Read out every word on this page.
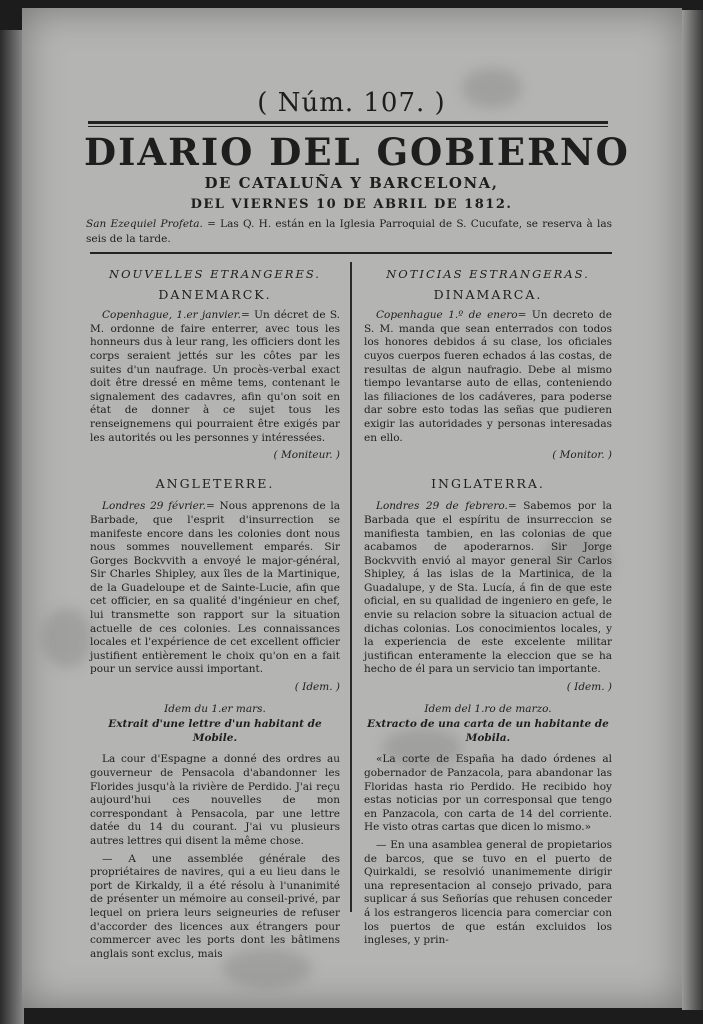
( Núm. 107. )
DIARIO DEL GOBIERNO
DE CATALUÑA Y BARCELONA,
DEL VIERNES 10 DE ABRIL DE 1812.
San Ezequiel Profeta. = Las Q. H. están en la Iglesia Parroquial de S. Cucufate, se reserva à las seis de la tarde.
NOUVELLES ETRANGERES.
DANEMARCK.

Copenhague, 1.er janvier.= Un décret de S. M. ordonne de faire enterrer, avec tous les honneurs dus à leur rang, les officiers dont les corps seraient jettés sur les côtes par les suites d'un naufrage. Un procès-verbal exact doit être dressé en même tems, contenant le signalement des cadavres, afin qu'on soit en état de donner à ce sujet tous les renseignemens qui pourraient être exigés par les autorités ou les personnes y intéressées.

( Moniteur. )
ANGLETERRE.

Londres 29 février.= Nous apprenons de la Barbade, que l'esprit d'insurrection se manifeste encore dans les colonies dont nous nous sommes nouvellement emparés. Sir Gorges Bockvvith a envoyé le major-général, Sir Charles Shipley, aux îles de la Martinique, de la Guadeloupe et de Sainte-Lucie, afin que cet officier, en sa qualité d'ingénieur en chef, lui transmette son rapport sur la situation actuelle de ces colonies. Les connaissances locales et l'expérience de cet excellent officier justifient entièrement le choix qu'on en a fait pour un service aussi important.

( Idem. )
Idem du 1.er mars.
Extrait d'une lettre d'un habitant de Mobile.

La cour d'Espagne a donné des ordres au gouverneur de Pensacola d'abandonner les Florides jusqu'à la rivière de Perdido. J'ai reçu aujourd'hui ces nouvelles de mon correspondant à Pensacola, par une lettre datée du 14 du courant. J'ai vu plusieurs autres lettres qui disent la même chose.

— A une assemblée générale des propriétaires de navires, qui a eu lieu dans le port de Kirkaldy, il a été résolu à l'unanimité de présenter un mémoire au conseil-privé, par lequel on priera leurs seigneuries de refuser d'accorder des licences aux étrangers pour commercer avec les ports dont les bâtimens anglais sont exclus, mais

NOTICIAS ESTRANGERAS.
DINAMARCA.

Copenhague 1.º de enero= Un decreto de S. M. manda que sean enterrados con todos los honores debidos á su clase, los oficiales cuyos cuerpos fueren echados á las costas, de resultas de algun naufragio. Debe al mismo tiempo levantarse auto de ellas, conteniendo las filiaciones de los cadáveres, para poderse dar sobre esto todas las señas que pudieren exigir las autoridades y personas interesadas en ello.

( Monitor. )
INGLATERRA.

Londres 29 de febrero.= Sabemos por la Barbada que el espíritu de insurreccion se manifiesta tambien, en las colonias de que acabamos de apoderarnos. Sir Jorge Bockvvith envió al mayor general Sir Carlos Shipley, á las islas de la Martinica, de la Guadalupe, y de Sta. Lucía, á fin de que este oficial, en su qualidad de ingeniero en gefe, le envie su relacion sobre la situacion actual de dichas colonias. Los conocimientos locales, y la experiencia de este excelente militar justifican enteramente la eleccion que se ha hecho de él para un servicio tan importante.

( Idem. )
Idem del 1.ro de marzo.
Extracto de una carta de un habitante de Mobila.

«La corte de España ha dado órdenes al gobernador de Panzacola, para abandonar las Floridas hasta rio Perdido. He recibido hoy estas noticias por un corresponsal que tengo en Panzacola, con carta de 14 del corriente. He visto otras cartas que dicen lo mismo.»

— En una asamblea general de propietarios de barcos, que se tuvo en el puerto de Quirkaldi, se resolvió unanimemente dirigir una representacion al consejo privado, para suplicar á sus Señorías que rehusen conceder á los estrangeros licencia para comerciar con los puertos de que están excluidos los ingleses, y prin-
